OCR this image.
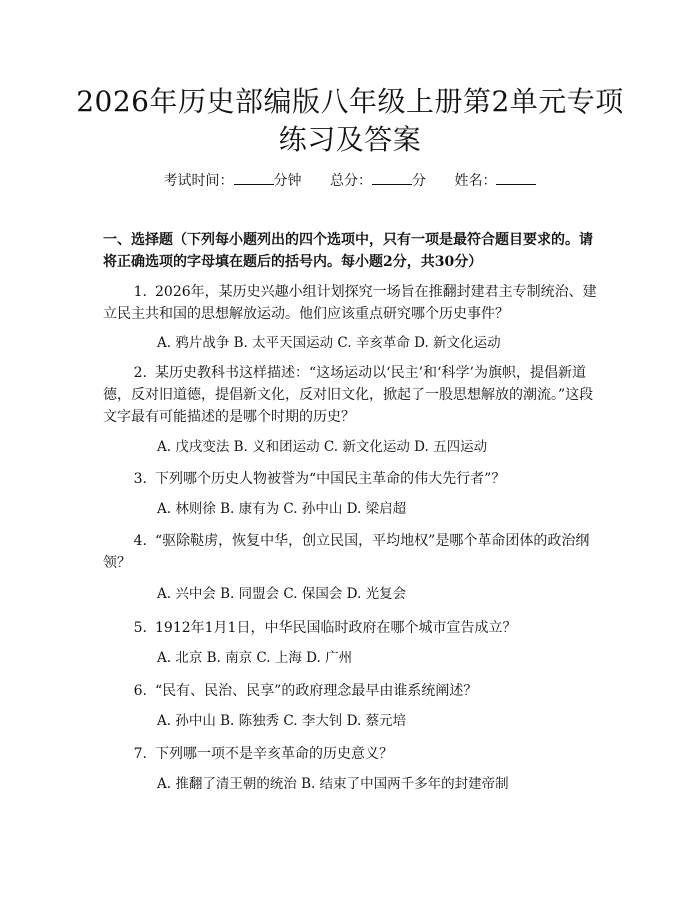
2026年历史部编版八年级上册第2单元专项
练习及答案
考试时间：	分钟 总分：	分 姓名：
一、选择题（下列每小题列出的四个选项中，只有一项是最符合题目要求的。请将正确选项的字母填在题后的括号内。每小题2分，共30分）
1. 2026年，某历史兴趣小组计划探究一场旨在推翻封建君主专制统治、建立民主共和国的思想解放运动。他们应该重点研究哪个历史事件？
A. 鸦片战争 B. 太平天国运动 C. 辛亥革命 D. 新文化运动
2. 某历史教科书这样描述：“这场运动以‘民主’和‘科学’为旗帜，提倡新道德，反对旧道德，提倡新文化，反对旧文化，掀起了一股思想解放的潮流。”这段文字最有可能描述的是哪个时期的历史？
A. 戊戌变法 B. 义和团运动 C. 新文化运动 D. 五四运动
3. 下列哪个历史人物被誉为“中国民主革命的伟大先行者”？
A. 林则徐 B. 康有为 C. 孙中山 D. 梁启超
4. “驱除鞑虏，恢复中华，创立民国，平均地权”是哪个革命团体的政治纲领？
A. 兴中会 B. 同盟会 C. 保国会 D. 光复会
5. 1912年1月1日，中华民国临时政府在哪个城市宣告成立？
A. 北京 B. 南京 C. 上海 D. 广州
6. “民有、民治、民享”的政府理念最早由谁系统阐述？
A. 孙中山 B. 陈独秀 C. 李大钊 D. 蔡元培
7. 下列哪一项不是辛亥革命的历史意义？
A. 推翻了清王朝的统治 B. 结束了中国两千多年的封建帝制
